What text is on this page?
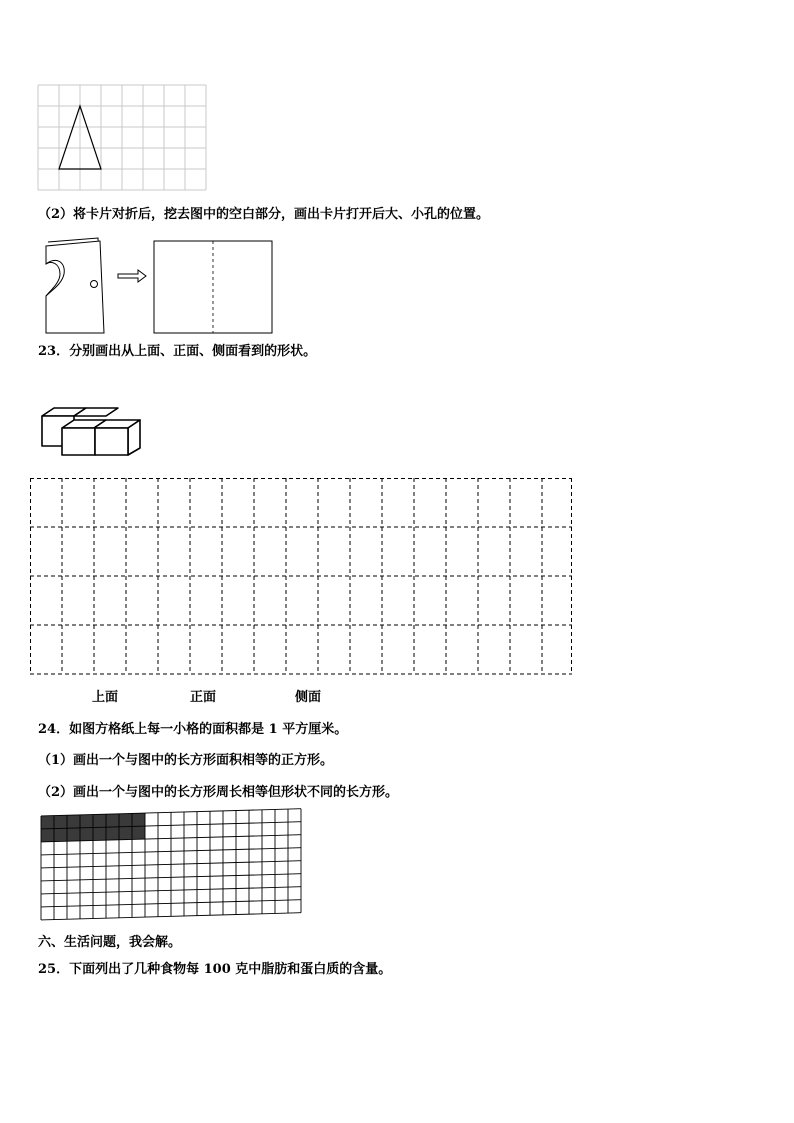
（2）将卡片对折后，挖去图中的空白部分，画出卡片打开后大、小孔的位置。
23．分别画出从上面、正面、侧面看到的形状。
上面	正面	侧面
24．如图方格纸上每一小格的面积都是 1 平方厘米。
（1）画出一个与图中的长方形面积相等的正方形。
（2）画出一个与图中的长方形周长相等但形状不同的长方形。
六、生活问题，我会解。
25．下面列出了几种食物每 100 克中脂肪和蛋白质的含量。
